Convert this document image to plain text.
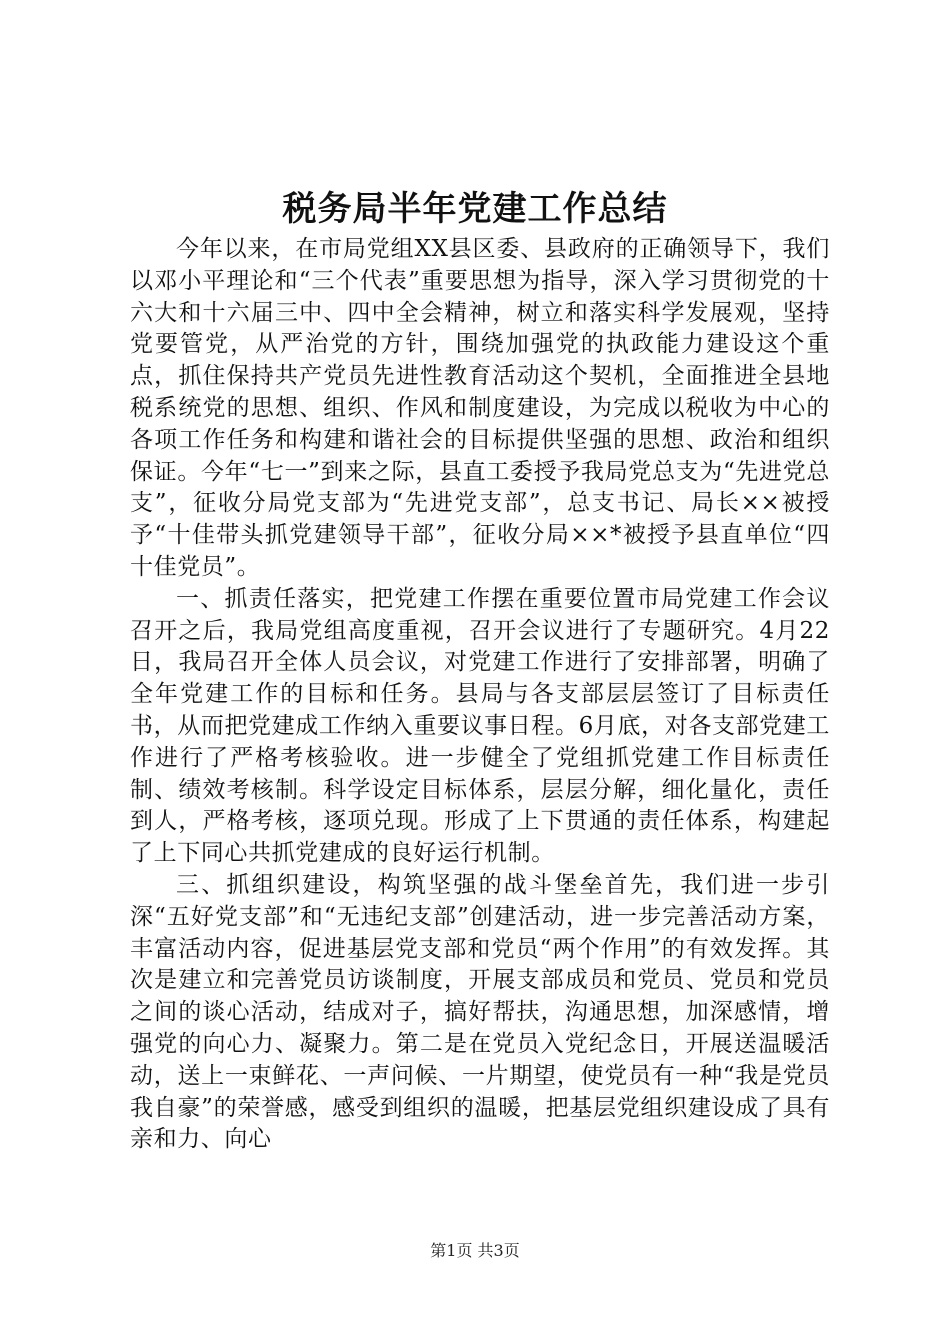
税务局半年党建工作总结

今年以来，在市局党组XX县区委、县政府的正确领导下，我们以邓小平理论和“三个代表”重要思想为指导，深入学习贯彻党的十六大和十六届三中、四中全会精神，树立和落实科学发展观，坚持党要管党，从严治党的方针，围绕加强党的执政能力建设这个重点，抓住保持共产党员先进性教育活动这个契机，全面推进全县地税系统党的思想、组织、作风和制度建设，为完成以税收为中心的各项工作任务和构建和谐社会的目标提供坚强的思想、政治和组织保证。今年“七一”到来之际，县直工委授予我局党总支为“先进党总支”，征收分局党支部为“先进党支部”，总支书记、局长××被授予“十佳带头抓党建领导干部”，征收分局××*被授予县直单位“四十佳党员”。

一、抓责任落实，把党建工作摆在重要位置市局党建工作会议召开之后，我局党组高度重视，召开会议进行了专题研究。4月22日，我局召开全体人员会议，对党建工作进行了安排部署，明确了全年党建工作的目标和任务。县局与各支部层层签订了目标责任书，从而把党建成工作纳入重要议事日程。6月底，对各支部党建工作进行了严格考核验收。进一步健全了党组抓党建工作目标责任制、绩效考核制。科学设定目标体系，层层分解，细化量化，责任到人，严格考核，逐项兑现。形成了上下贯通的责任体系，构建起了上下同心共抓党建成的良好运行机制。

三、抓组织建设，构筑坚强的战斗堡垒首先，我们进一步引深“五好党支部”和“无违纪支部”创建活动，进一步完善活动方案，丰富活动内容，促进基层党支部和党员“两个作用”的有效发挥。其次是建立和完善党员访谈制度，开展支部成员和党员、党员和党员之间的谈心活动，结成对子，搞好帮扶，沟通思想，加深感情，增强党的向心力、凝聚力。第二是在党员入党纪念日，开展送温暖活动，送上一束鲜花、一声问候、一片期望，使党员有一种“我是党员我自豪”的荣誉感，感受到组织的温暖，把基层党组织建设成了具有亲和力、向心

第1页 共3页
